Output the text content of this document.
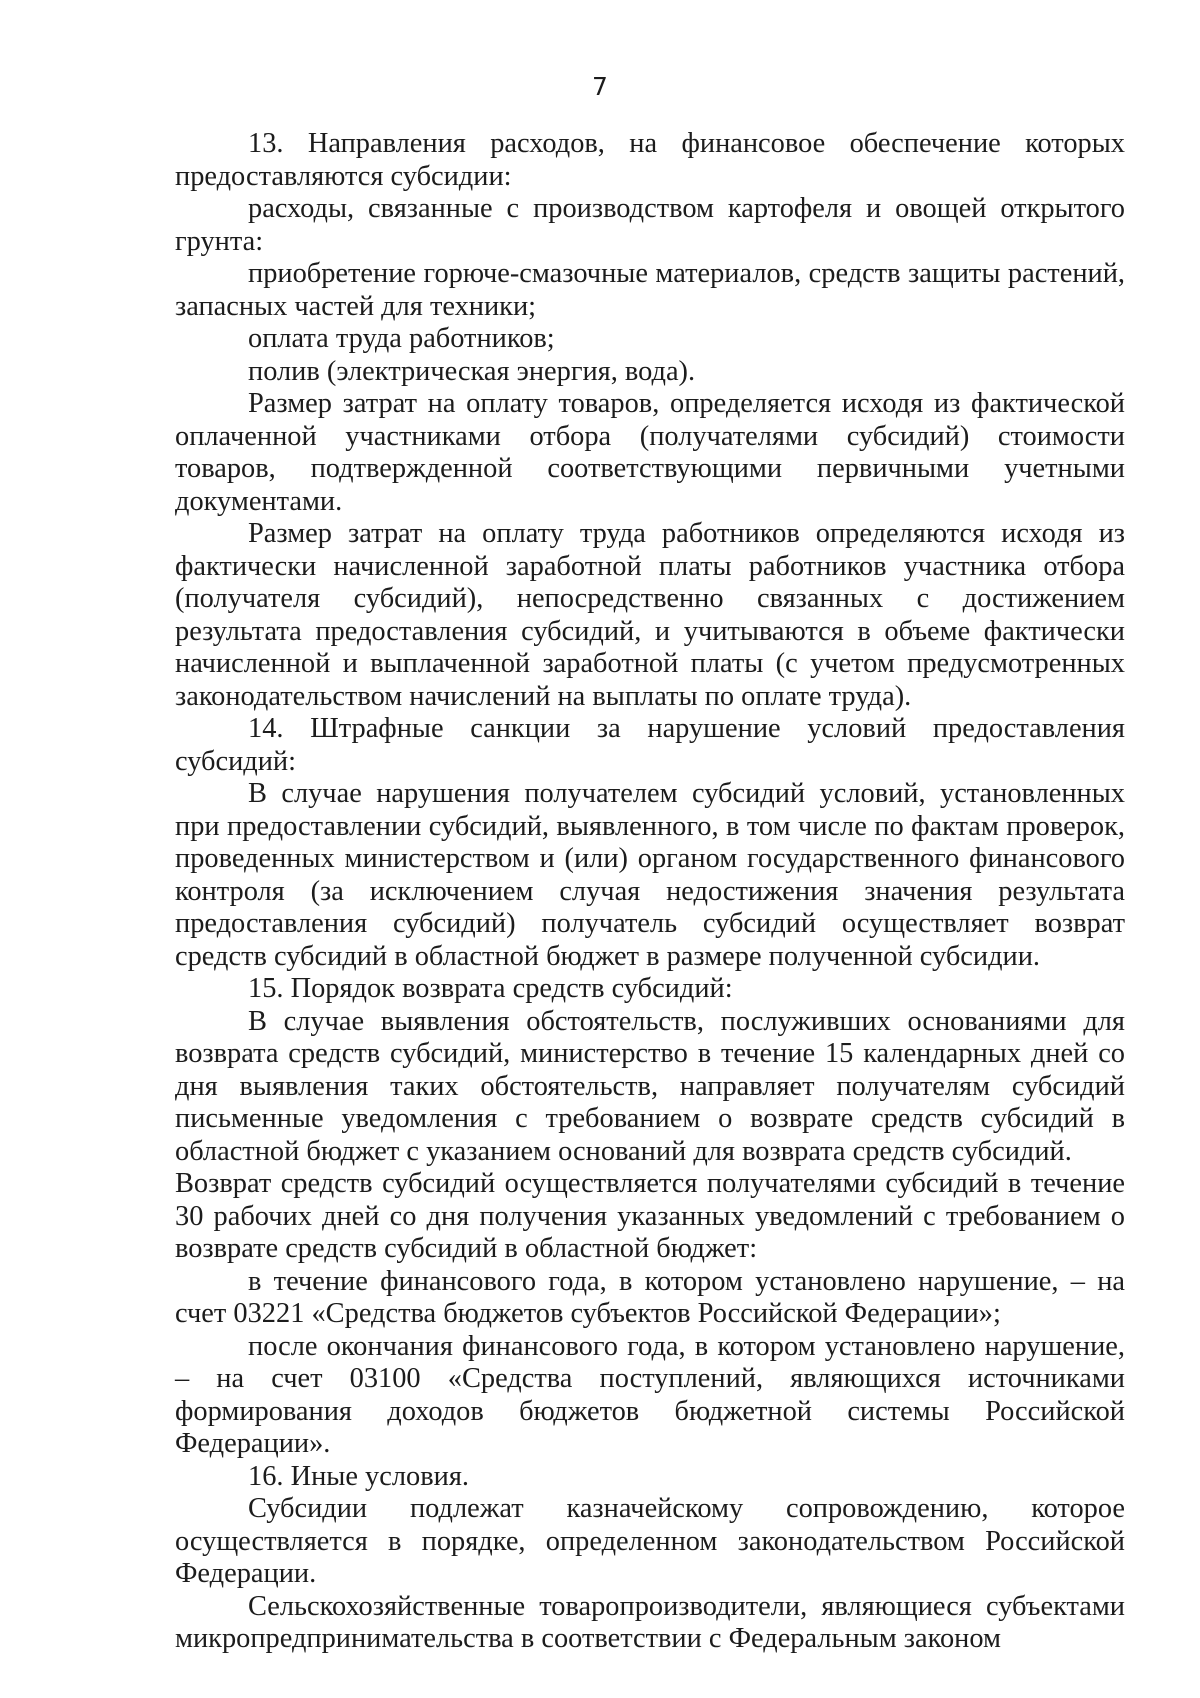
7

13. Направления расходов, на финансовое обеспечение которых предоставляются субсидии:

расходы, связанные с производством картофеля и овощей открытого грунта:

приобретение горюче-смазочные материалов, средств защиты растений, запасных частей для техники;

оплата труда работников;

полив (электрическая энергия, вода).

Размер затрат на оплату товаров, определяется исходя из фактической оплаченной участниками отбора (получателями субсидий) стоимости товаров, подтвержденной соответствующими первичными учетными документами.

Размер затрат на оплату труда работников определяются исходя из фактически начисленной заработной платы работников участника отбора (получателя субсидий), непосредственно связанных с достижением результата предоставления субсидий, и учитываются в объеме фактически начисленной и выплаченной заработной платы (с учетом предусмотренных законодательством начислений на выплаты по оплате труда).

14. Штрафные санкции за нарушение условий предоставления субсидий:

В случае нарушения получателем субсидий условий, установленных при предоставлении субсидий, выявленного, в том числе по фактам проверок, проведенных министерством и (или) органом государственного финансового контроля (за исключением случая недостижения значения результата предоставления субсидий) получатель субсидий осуществляет возврат средств субсидий в областной бюджет в размере полученной субсидии.

15. Порядок возврата средств субсидий:

В случае выявления обстоятельств, послуживших основаниями для возврата средств субсидий, министерство в течение 15 календарных дней со дня выявления таких обстоятельств, направляет получателям субсидий письменные уведомления с требованием о возврате средств субсидий в областной бюджет с указанием оснований для возврата средств субсидий.

Возврат средств субсидий осуществляется получателями субсидий в течение 30 рабочих дней со дня получения указанных уведомлений с требованием о возврате средств субсидий в областной бюджет:

в течение финансового года, в котором установлено нарушение, – на счет 03221 «Средства бюджетов субъектов Российской Федерации»;

после окончания финансового года, в котором установлено нарушение, – на счет 03100 «Средства поступлений, являющихся источниками формирования доходов бюджетов бюджетной системы Российской Федерации».

16. Иные условия.

Субсидии подлежат казначейскому сопровождению, которое осуществляется в порядке, определенном законодательством Российской Федерации.

Сельскохозяйственные товаропроизводители, являющиеся субъектами микропредпринимательства в соответствии с Федеральным законом
